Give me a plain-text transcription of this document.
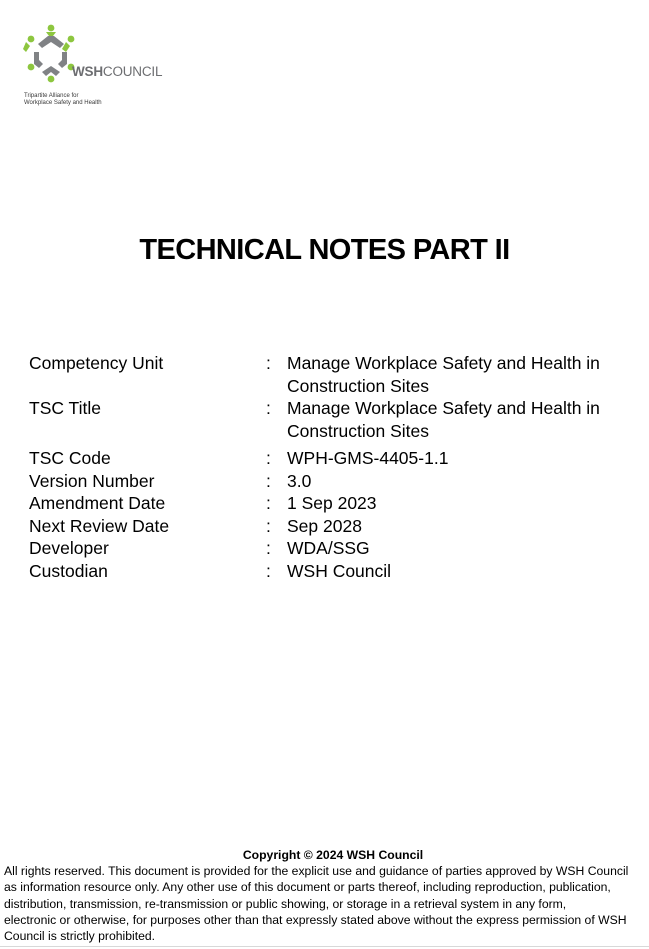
WSHCOUNCIL
Tripartite Alliance for
Workplace Safety and Health
TECHNICAL NOTES PART II
Competency Unit	: Manage Workplace Safety and Health in
Construction Sites
TSC Title	: Manage Workplace Safety and Health in
Construction Sites
TSC Code	: WPH-GMS-4405-1.1
Version Number	: 3.0
Amendment Date	: 1 Sep 2023
Next Review Date	: Sep 2028
Developer	: WDA/SSG
Custodian	: WSH Council
Copyright © 2024 WSH Council
All rights reserved. This document is provided for the explicit use and guidance of parties approved by WSH Council
as information resource only. Any other use of this document or parts thereof, including reproduction, publication,
distribution, transmission, re-transmission or public showing, or storage in a retrieval system in any form,
electronic or otherwise, for purposes other than that expressly stated above without the express permission of WSH
Council is strictly prohibited.
